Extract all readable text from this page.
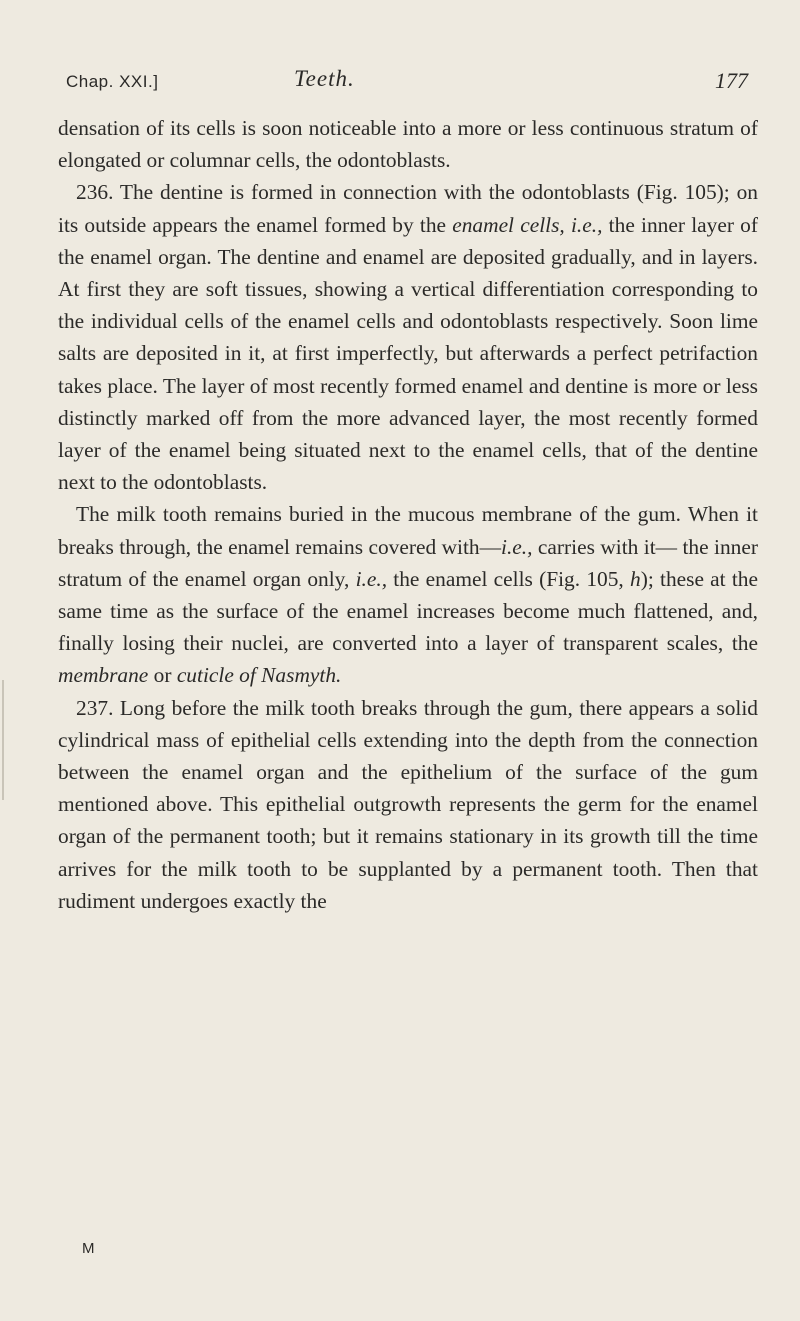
Chap. XXI.]	Teeth.	177

densation of its cells is soon noticeable into a more or less continuous stratum of elongated or columnar cells, the odontoblasts.

236. The dentine is formed in connection with the odontoblasts (Fig. 105); on its outside appears the enamel formed by the enamel cells, i.e., the inner layer of the enamel organ. The dentine and enamel are deposited gradually, and in layers. At first they are soft tissues, showing a vertical differentiation corresponding to the individual cells of the enamel cells and odontoblasts respectively. Soon lime salts are deposited in it, at first imperfectly, but afterwards a perfect petrifaction takes place. The layer of most recently formed enamel and dentine is more or less distinctly marked off from the more advanced layer, the most recently formed layer of the enamel being situated next to the enamel cells, that of the dentine next to the odontoblasts.

The milk tooth remains buried in the mucous membrane of the gum. When it breaks through, the enamel remains covered with—i.e., carries with it— the inner stratum of the enamel organ only, i.e., the enamel cells (Fig. 105, h); these at the same time as the surface of the enamel increases become much flattened, and, finally losing their nuclei, are converted into a layer of transparent scales, the membrane or cuticle of Nasmyth.

237. Long before the milk tooth breaks through the gum, there appears a solid cylindrical mass of epithelial cells extending into the depth from the connection between the enamel organ and the epithelium of the surface of the gum mentioned above. This epithelial outgrowth represents the germ for the enamel organ of the permanent tooth; but it remains stationary in its growth till the time arrives for the milk tooth to be supplanted by a permanent tooth. Then that rudiment undergoes exactly the

M
